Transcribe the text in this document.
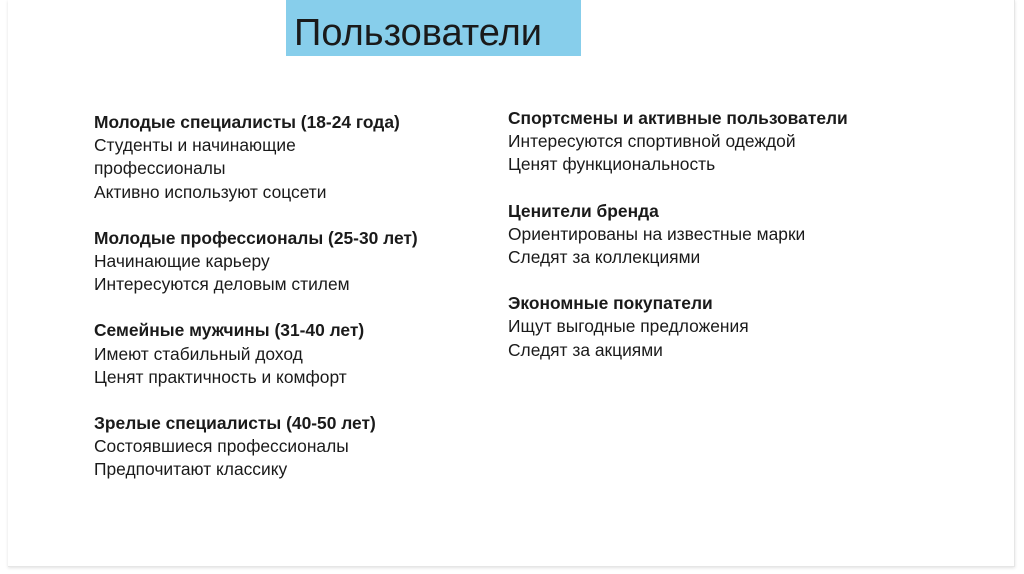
Пользователи
Молодые специалисты (18-24 года)
Студенты и начинающие
профессионалы
Активно используют соцсети
Молодые профессионалы (25-30 лет)
Начинающие карьеру
Интересуются деловым стилем
Семейные мужчины (31-40 лет)
Имеют стабильный доход
Ценят практичность и комфорт
Зрелые специалисты (40-50 лет)
Состоявшиеся профессионалы
Предпочитают классику
Спортсмены и активные пользователи
Интересуются спортивной одеждой
Ценят функциональность
Ценители бренда
Ориентированы на известные марки
Следят за коллекциями
Экономные покупатели
Ищут выгодные предложения
Следят за акциями
